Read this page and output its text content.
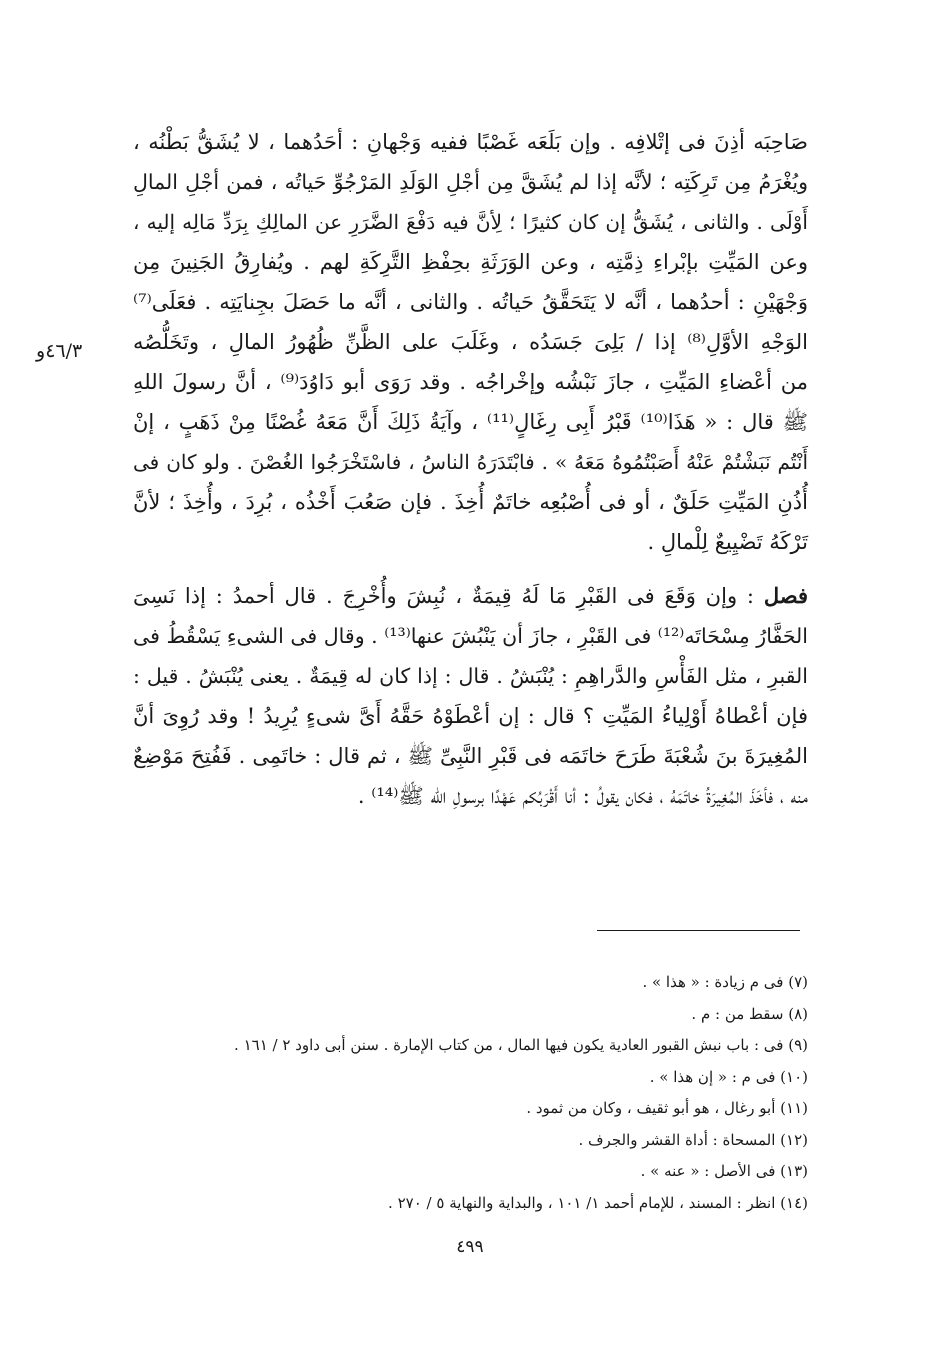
٤٦/٣و
صَاحِبَه أذِنَ فى إتْلافِه . وإن بَلَعَه غَصْبًا ففيه وَجْهانِ : أحَدُهما ، لا يُشَقُّ بَطْنُه ،
ويُغْرَمُ مِن تَرِكَتِه ؛ لأنَّه إذا لم يُشَقَّ مِن أجْلِ الوَلَدِ المَرْجُوِّ حَياتُه ، فمن أجْلِ المالِ
أَوْلَى . والثانى ، يُشَقُّ إن كان كثيرًا ؛ لِأنَّ فيه دَفْعَ الضَّرَرِ عن المالِكِ بِرَدِّ مَالِه إليه ،
وعن المَيِّتِ بإبْراءِ ذِمَّتِه ، وعن الوَرَثَةِ بحِفْظِ التَّرِكَةِ لهم . ويُفارِقُ الجَنِينَ مِن
وَجْهَيْنِ : أحدُهما ، أنَّه لا يَتَحَقَّقُ حَياتُه . والثانى ، أنَّه ما حَصَلَ بجِنايَتِه . فعَلَى⁽⁷⁾
الوَجْهِ الأوَّلِ⁽⁸⁾ إذا / بَلِىَ جَسَدُه ، وغَلَبَ على الظَّنِّ ظُهُورُ المالِ ، وتَخَلُّصُه
من أعْضاءِ المَيِّتِ ، جازَ نَبْشُه وإخْراجُه . وقد رَوَى أبو دَاوُدَ⁽⁹⁾ ، أنَّ رسولَ اللهِ
ﷺ قال : « هَذَا⁽¹⁰⁾ قَبْرُ أَبِى رِغَالٍ⁽¹¹⁾ ، وآيَةُ ذَلِكَ أَنَّ مَعَهُ غُصْنًا مِنْ ذَهَبٍ ، إنْ
أَنْتُم نَبَشْتُمْ عَنْهُ أَصَبْتُمُوهُ مَعَهُ » . فابْتَدَرَهُ الناسُ ، فاسْتَخْرَجُوا الغُصْنَ . ولو كان فى
أُذُنِ المَيِّتِ حَلَقٌ ، أو فى أُصْبُعِه خاتَمٌ أُخِذَ . فإن صَعُبَ أَخْذُه ، بُرِدَ ، وأُخِذَ ؛ لأنَّ
تَرْكَهُ تَضْيِيعٌ لِلْمالِ .
فصل : وإن وَقَعَ فى القَبْرِ مَا لَهُ قِيمَةٌ ، نُبِشَ وأُخْرِجَ . قال أحمدُ : إذا نَسِىَ
الحَفَّارُ مِسْحَاتَه⁽¹²⁾ فى القَبْرِ ، جازَ أن يَنْبُشَ عنها⁽¹³⁾ . وقال فى الشىءِ يَسْقُطُ فى
القبرِ ، مثل الفَأْسِ والدَّراهِمِ : يُنْبَشُ . قال : إذا كان له قِيمَةٌ . يعنى يُنْبَشُ . قيل :
فإن أعْطاهُ أَوْلِياءُ المَيِّتِ ؟ قال : إن أعْطَوْهُ حَقَّهُ أَىَّ شىءٍ يُرِيدُ ! وقد رُوِىَ أنَّ
المُغِيرَةَ بنَ شُعْبَةَ طَرَحَ خاتَمَه فى قَبْرِ النَّبِىِّ ﷺ ، ثم قال : خاتَمِى . فَفُتِحَ مَوْضِعٌ
منه ، فأخَذَ المُغِيرَةُ خاتَمَهُ ، فكان يقولُ : أنا أَقْرَبُكم عَهْدًا برسولِ الله ﷺ⁽¹⁴⁾ .
(٧) فى م زيادة : « هذا » .
(٨) سقط من : م .
(٩) فى : باب نبش القبور العادية يكون فيها المال ، من كتاب الإمارة . سنن أبى داود ٢ / ١٦١ .
(١٠) فى م : « إن هذا » .
(١١) أبو رغال ، هو أبو ثقيف ، وكان من ثمود .
(١٢) المسحاة : أداة القشر والجرف .
(١٣) فى الأصل : « عنه » .
(١٤) انظر : المسند ، للإمام أحمد ١/ ١٠١ ، والبداية والنهاية ٥ / ٢٧٠ .
٤٩٩
